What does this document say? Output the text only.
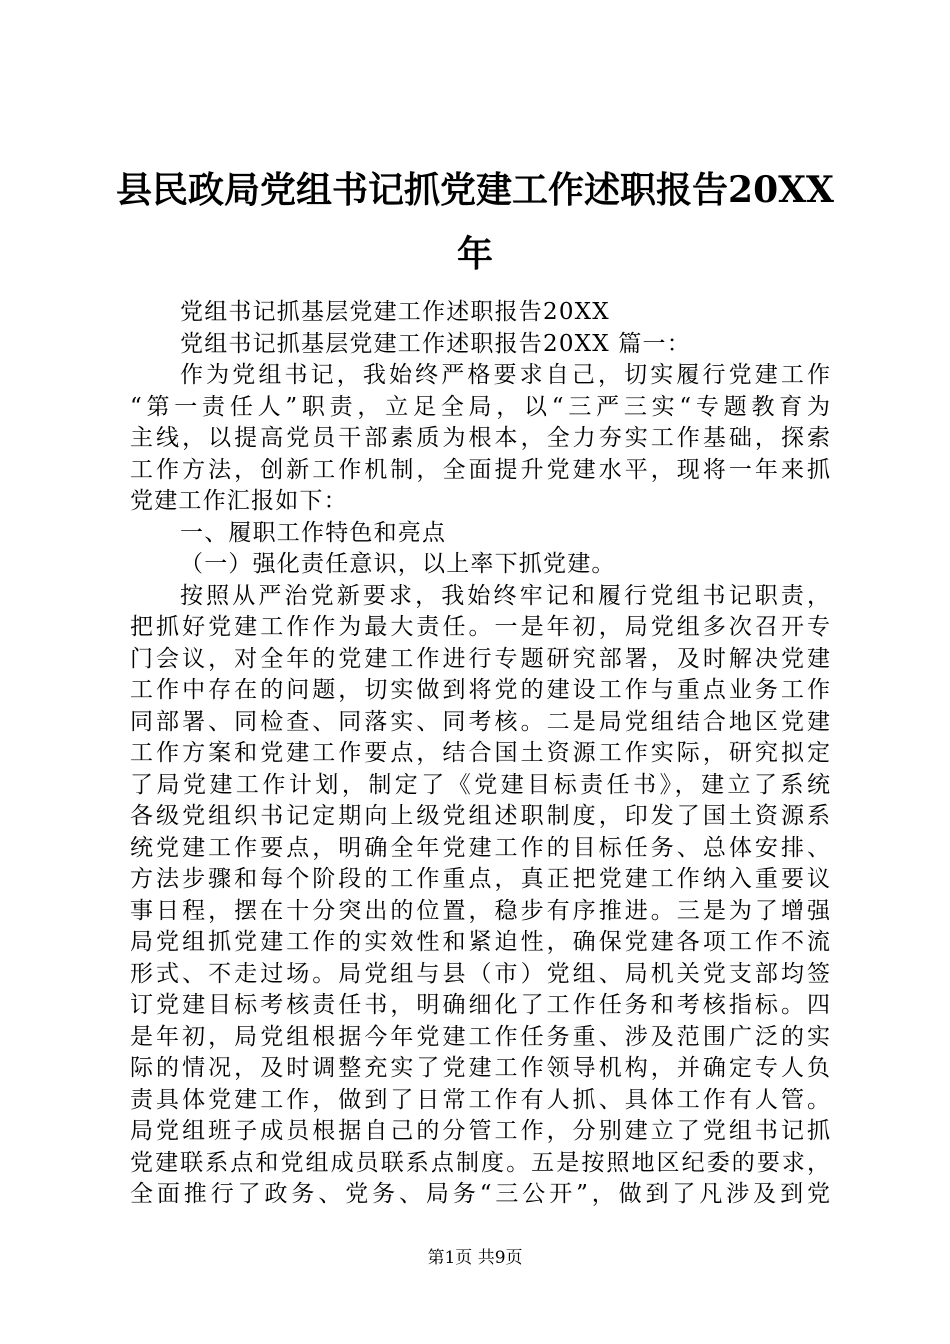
县民政局党组书记抓党建工作述职报告20XX
年
党组书记抓基层党建工作述职报告20XX
党组书记抓基层党建工作述职报告20XX 篇一：
作为党组书记，我始终严格要求自己，切实履行党建工作
“第一责任人”职责，立足全局，以“三严三实“专题教育为
主线，以提高党员干部素质为根本，全力夯实工作基础，探索
工作方法，创新工作机制，全面提升党建水平，现将一年来抓
党建工作汇报如下：
一、履职工作特色和亮点
（一）强化责任意识，以上率下抓党建。
按照从严治党新要求，我始终牢记和履行党组书记职责，
把抓好党建工作作为最大责任。一是年初，局党组多次召开专
门会议，对全年的党建工作进行专题研究部署，及时解决党建
工作中存在的问题，切实做到将党的建设工作与重点业务工作
同部署、同检查、同落实、同考核。二是局党组结合地区党建
工作方案和党建工作要点，结合国土资源工作实际，研究拟定
了局党建工作计划，制定了《党建目标责任书》，建立了系统
各级党组织书记定期向上级党组述职制度，印发了国土资源系
统党建工作要点，明确全年党建工作的目标任务、总体安排、
方法步骤和每个阶段的工作重点，真正把党建工作纳入重要议
事日程，摆在十分突出的位置，稳步有序推进。三是为了增强
局党组抓党建工作的实效性和紧迫性，确保党建各项工作不流
形式、不走过场。局党组与县（市）党组、局机关党支部均签
订党建目标考核责任书，明确细化了工作任务和考核指标。四
是年初，局党组根据今年党建工作任务重、涉及范围广泛的实
际的情况，及时调整充实了党建工作领导机构，并确定专人负
责具体党建工作，做到了日常工作有人抓、具体工作有人管。
局党组班子成员根据自己的分管工作，分别建立了党组书记抓
党建联系点和党组成员联系点制度。五是按照地区纪委的要求，
全面推行了政务、党务、局务“三公开”，做到了凡涉及到党
第1页 共9页
